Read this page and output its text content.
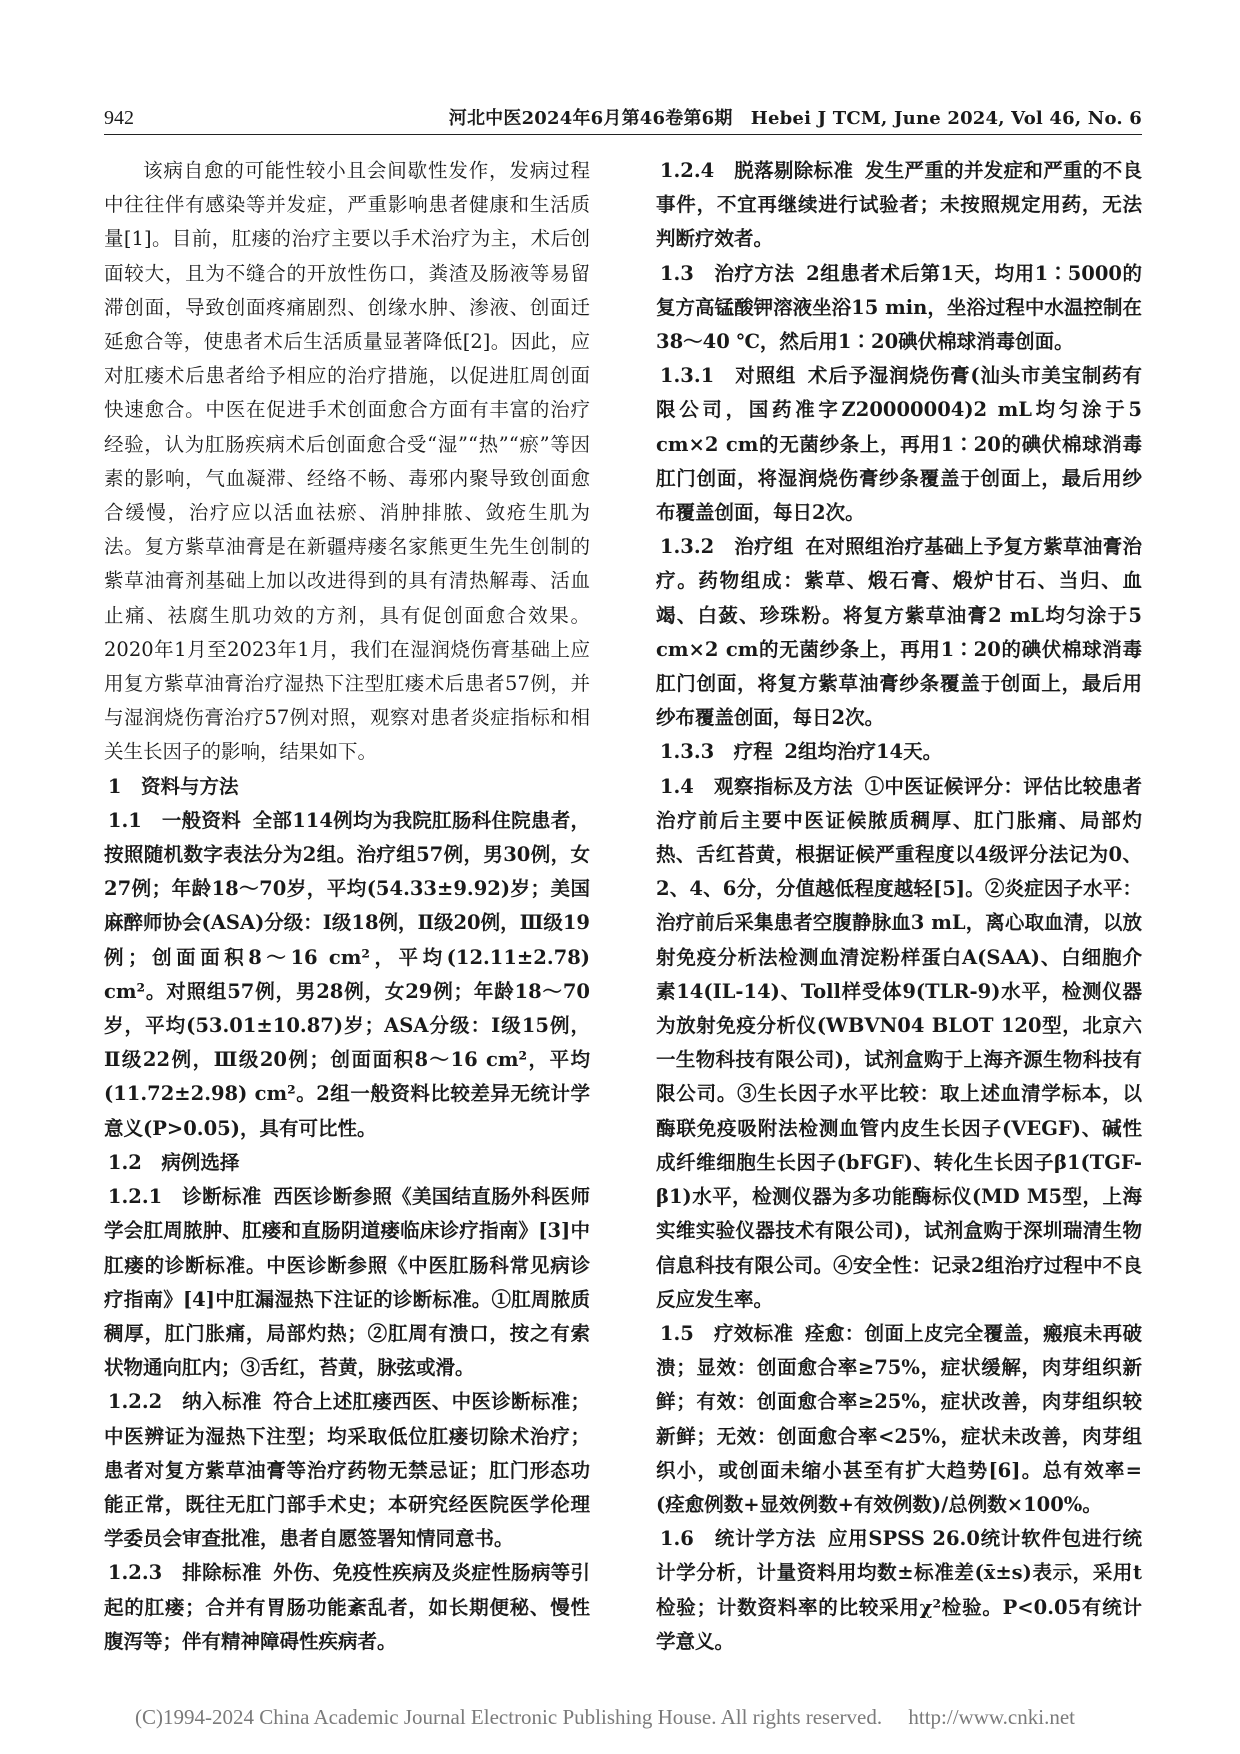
942	河北中医2024年6月第46卷第6期　Hebei J TCM, June 2024, Vol 46, No. 6

该病自愈的可能性较小且会间歇性发作，发病过程中往往伴有感染等并发症，严重影响患者健康和生活质量[1]。目前，肛瘘的治疗主要以手术治疗为主，术后创面较大，且为不缝合的开放性伤口，粪渣及肠液等易留滞创面，导致创面疼痛剧烈、创缘水肿、渗液、创面迁延愈合等，使患者术后生活质量显著降低[2]。因此，应对肛瘘术后患者给予相应的治疗措施，以促进肛周创面快速愈合。中医在促进手术创面愈合方面有丰富的治疗经验，认为肛肠疾病术后创面愈合受“湿”“热”“瘀”等因素的影响，气血凝滞、经络不畅、毒邪内聚导致创面愈合缓慢，治疗应以活血祛瘀、消肿排脓、敛疮生肌为法。复方紫草油膏是在新疆痔瘘名家熊更生先生创制的紫草油膏剂基础上加以改进得到的具有清热解毒、活血止痛、祛腐生肌功效的方剂，具有促创面愈合效果。2020年1月至2023年1月，我们在湿润烧伤膏基础上应用复方紫草油膏治疗湿热下注型肛瘘术后患者57例，并与湿润烧伤膏治疗57例对照，观察对患者炎症指标和相关生长因子的影响，结果如下。

1　资料与方法

1.1　一般资料 全部114例均为我院肛肠科住院患者，按照随机数字表法分为2组。治疗组57例，男30例，女27例；年龄18～70岁，平均(54.33±9.92)岁；美国麻醉师协会(ASA)分级：Ⅰ级18例，Ⅱ级20例，Ⅲ级19例；创面面积8～16 cm²，平均(12.11±2.78) cm²。对照组57例，男28例，女29例；年龄18～70岁，平均(53.01±10.87)岁；ASA分级：Ⅰ级15例，Ⅱ级22例，Ⅲ级20例；创面面积8～16 cm²，平均(11.72±2.98) cm²。2组一般资料比较差异无统计学意义(P>0.05)，具有可比性。

1.2　病例选择

1.2.1　诊断标准 西医诊断参照《美国结直肠外科医师学会肛周脓肿、肛瘘和直肠阴道瘘临床诊疗指南》[3]中肛瘘的诊断标准。中医诊断参照《中医肛肠科常见病诊疗指南》[4]中肛漏湿热下注证的诊断标准。①肛周脓质稠厚，肛门胀痛，局部灼热；②肛周有溃口，按之有索状物通向肛内；③舌红，苔黄，脉弦或滑。

1.2.2　纳入标准 符合上述肛瘘西医、中医诊断标准；中医辨证为湿热下注型；均采取低位肛瘘切除术治疗；患者对复方紫草油膏等治疗药物无禁忌证；肛门形态功能正常，既往无肛门部手术史；本研究经医院医学伦理学委员会审查批准，患者自愿签署知情同意书。

1.2.3　排除标准 外伤、免疫性疾病及炎症性肠病等引起的肛瘘；合并有胃肠功能紊乱者，如长期便秘、慢性腹泻等；伴有精神障碍性疾病者。

1.2.4　脱落剔除标准 发生严重的并发症和严重的不良事件，不宜再继续进行试验者；未按照规定用药，无法判断疗效者。

1.3　治疗方法 2组患者术后第1天，均用1∶5000的复方高锰酸钾溶液坐浴15 min，坐浴过程中水温控制在38～40 ℃，然后用1∶20碘伏棉球消毒创面。

1.3.1　对照组 术后予湿润烧伤膏(汕头市美宝制药有限公司，国药准字Z20000004)2 mL均匀涂于5 cm×2 cm的无菌纱条上，再用1∶20的碘伏棉球消毒肛门创面，将湿润烧伤膏纱条覆盖于创面上，最后用纱布覆盖创面，每日2次。

1.3.2　治疗组 在对照组治疗基础上予复方紫草油膏治疗。药物组成：紫草、煅石膏、煅炉甘石、当归、血竭、白蔹、珍珠粉。将复方紫草油膏2 mL均匀涂于5 cm×2 cm的无菌纱条上，再用1∶20的碘伏棉球消毒肛门创面，将复方紫草油膏纱条覆盖于创面上，最后用纱布覆盖创面，每日2次。

1.3.3　疗程 2组均治疗14天。

1.4　观察指标及方法 ①中医证候评分：评估比较患者治疗前后主要中医证候脓质稠厚、肛门胀痛、局部灼热、舌红苔黄，根据证候严重程度以4级评分法记为0、2、4、6分，分值越低程度越轻[5]。②炎症因子水平：治疗前后采集患者空腹静脉血3 mL，离心取血清，以放射免疫分析法检测血清淀粉样蛋白A(SAA)、白细胞介素14(IL-14)、Toll样受体9(TLR-9)水平，检测仪器为放射免疫分析仪(WBVN04 BLOT 120型，北京六一生物科技有限公司)，试剂盒购于上海齐源生物科技有限公司。③生长因子水平比较：取上述血清学标本，以酶联免疫吸附法检测血管内皮生长因子(VEGF)、碱性成纤维细胞生长因子(bFGF)、转化生长因子β1(TGF-β1)水平，检测仪器为多功能酶标仪(MD M5型，上海实维实验仪器技术有限公司)，试剂盒购于深圳瑞清生物信息科技有限公司。④安全性：记录2组治疗过程中不良反应发生率。

1.5　疗效标准 痊愈：创面上皮完全覆盖，瘢痕未再破溃；显效：创面愈合率≥75%，症状缓解，肉芽组织新鲜；有效：创面愈合率≥25%，症状改善，肉芽组织较新鲜；无效：创面愈合率<25%，症状未改善，肉芽组织小，或创面未缩小甚至有扩大趋势[6]。总有效率=(痊愈例数+显效例数+有效例数)/总例数×100%。

1.6　统计学方法 应用SPSS 26.0统计软件包进行统计学分析，计量资料用均数±标准差(x̄±s)表示，采用t检验；计数资料率的比较采用χ²检验。P<0.05有统计学意义。

(C)1994-2024 China Academic Journal Electronic Publishing House. All rights reserved.　 http://www.cnki.net
